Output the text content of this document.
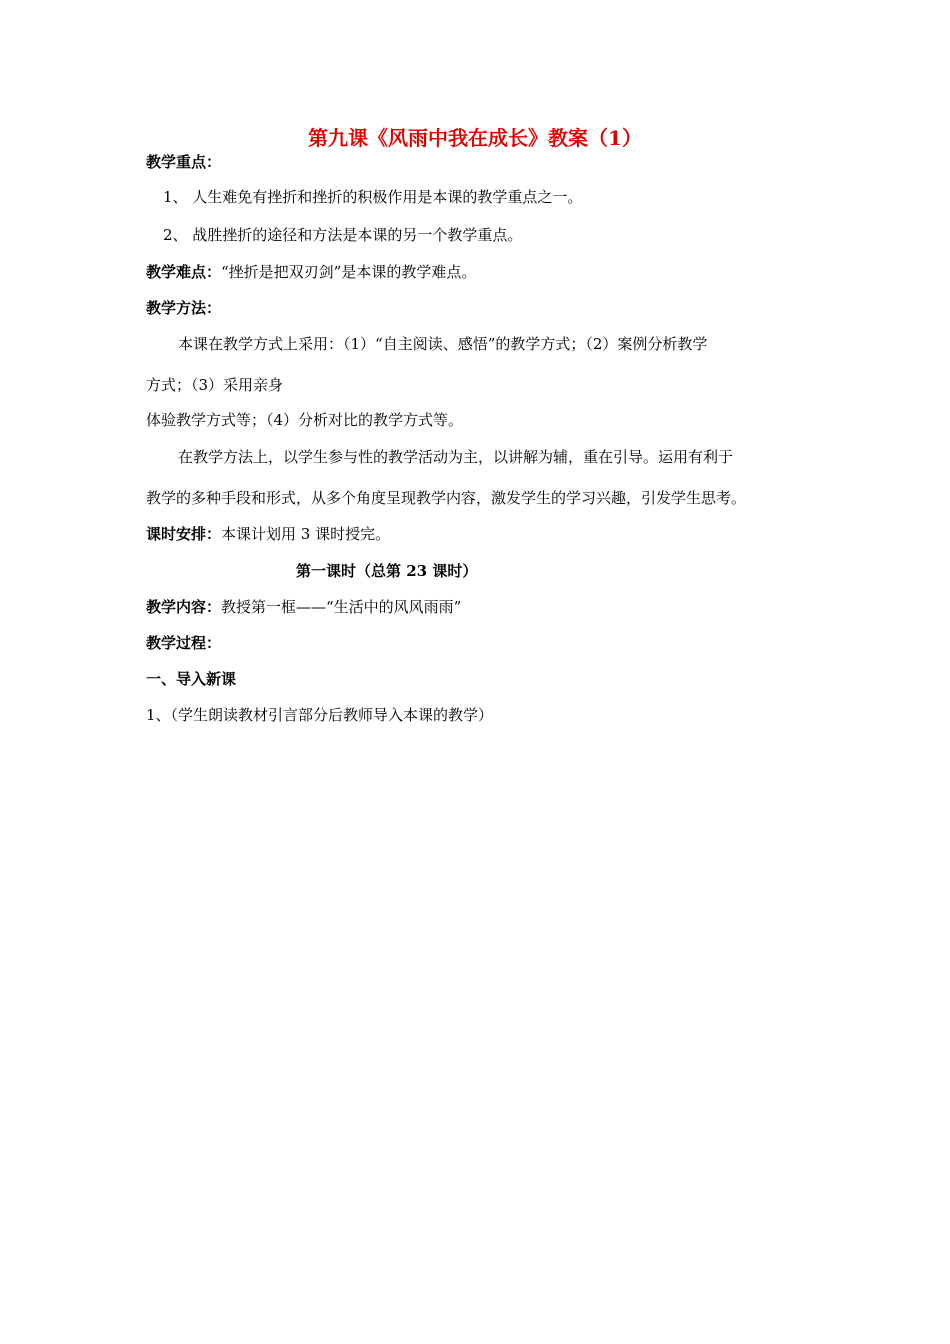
第九课《风雨中我在成长》教案（1）
教学重点：
1、 人生难免有挫折和挫折的积极作用是本课的教学重点之一。
2、 战胜挫折的途径和方法是本课的另一个教学重点。
教学难点：“挫折是把双刃剑”是本课的教学难点。
教学方法：
本课在教学方式上采用：（1）“自主阅读、感悟”的教学方式；（2）案例分析教学
方式；（3）采用亲身
体验教学方式等；（4）分析对比的教学方式等。
在教学方法上，以学生参与性的教学活动为主，以讲解为辅，重在引导。运用有利于
教学的多种手段和形式，从多个角度呈现教学内容，激发学生的学习兴趣，引发学生思考。
课时安排：本课计划用 3 课时授完。
第一课时（总第 23 课时）
教学内容：教授第一框——“生活中的风风雨雨”
教学过程：
一、导入新课
1、（学生朗读教材引言部分后教师导入本课的教学）
